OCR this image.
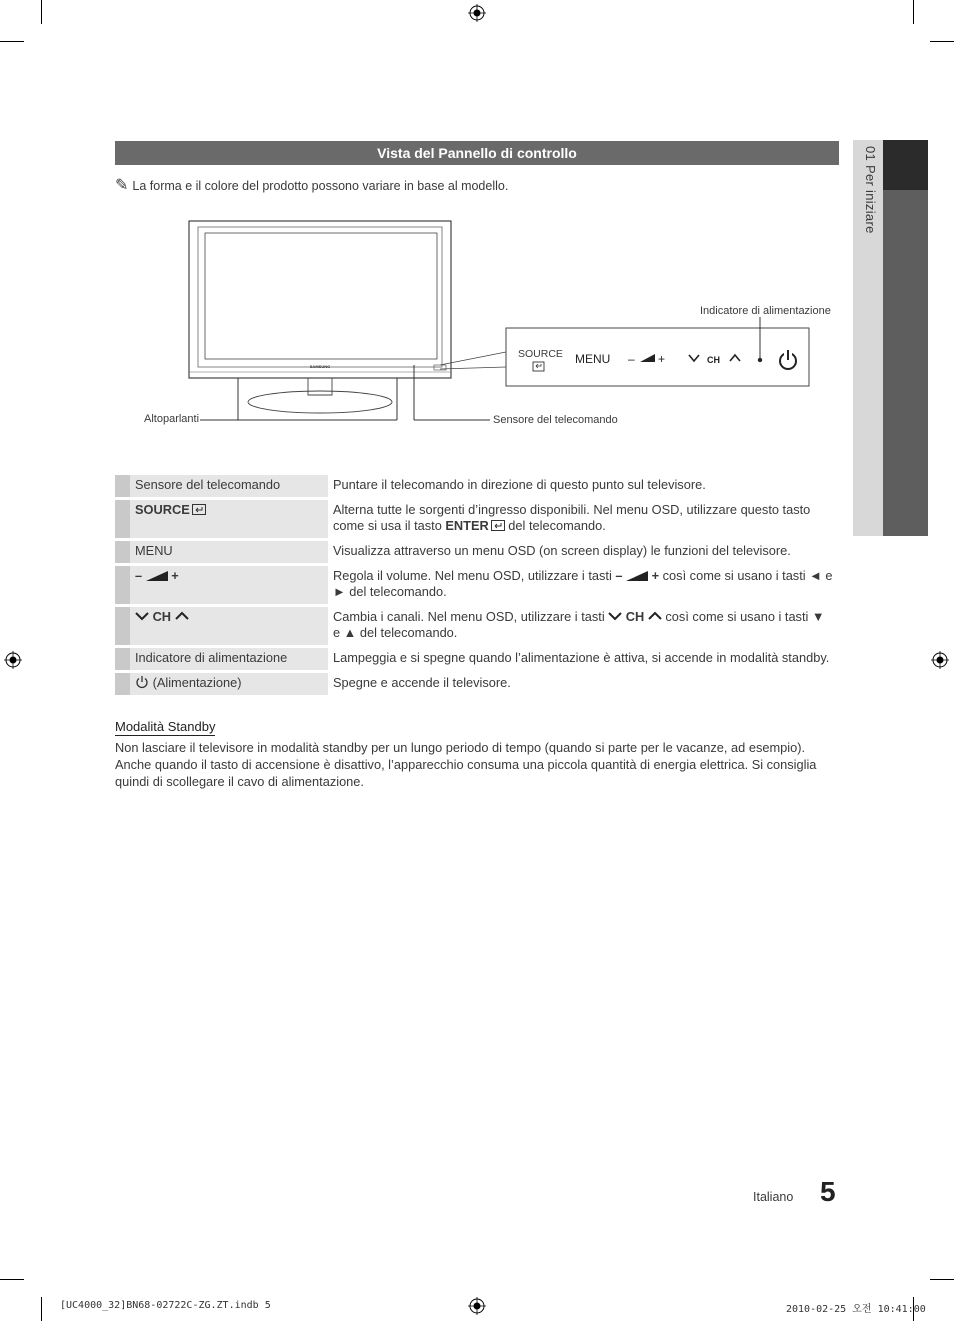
01 Per iniziare
Vista del Pannello di controllo
✎ La forma e il colore del prodotto possono variare in base al modello.
SAMSUNG
– +	CH
SOURCE MENU
Altoparlanti	Sensore del telecomando
Indicatore di alimentazione
	Sensore del telecomando	Puntare il telecomando in direzione di questo punto sul televisore.
	SOURCE	Alterna tutte le sorgenti d’ingresso disponibili. Nel menu OSD, utilizzare questo tasto come si usa il tasto ENTER del telecomando.
	MENU	Visualizza attraverso un menu OSD (on screen display) le funzioni del televisore.
	– +	Regola il volume. Nel menu OSD, utilizzare i tasti – + così come si usano i tasti ◄ e ► del telecomando.
	CH	Cambia i canali. Nel menu OSD, utilizzare i tasti  CH  così come si usano i tasti ▼ e ▲ del telecomando.
	Indicatore di alimentazione	Lampeggia e si spegne quando l’alimentazione è attiva, si accende in modalità standby.
	(Alimentazione)	Spegne e accende il televisore.
Modalità Standby
Non lasciare il televisore in modalità standby per un lungo periodo di tempo (quando si parte per le vacanze, ad esempio). Anche quando il tasto di accensione è disattivo, l’apparecchio consuma una piccola quantità di energia elettrica. Si consiglia quindi di scollegare il cavo di alimentazione.
Italiano 5
[UC4000_32]BN68-02722C-ZG.ZT.indb 5	2010-02-25 오전 10:41:00
